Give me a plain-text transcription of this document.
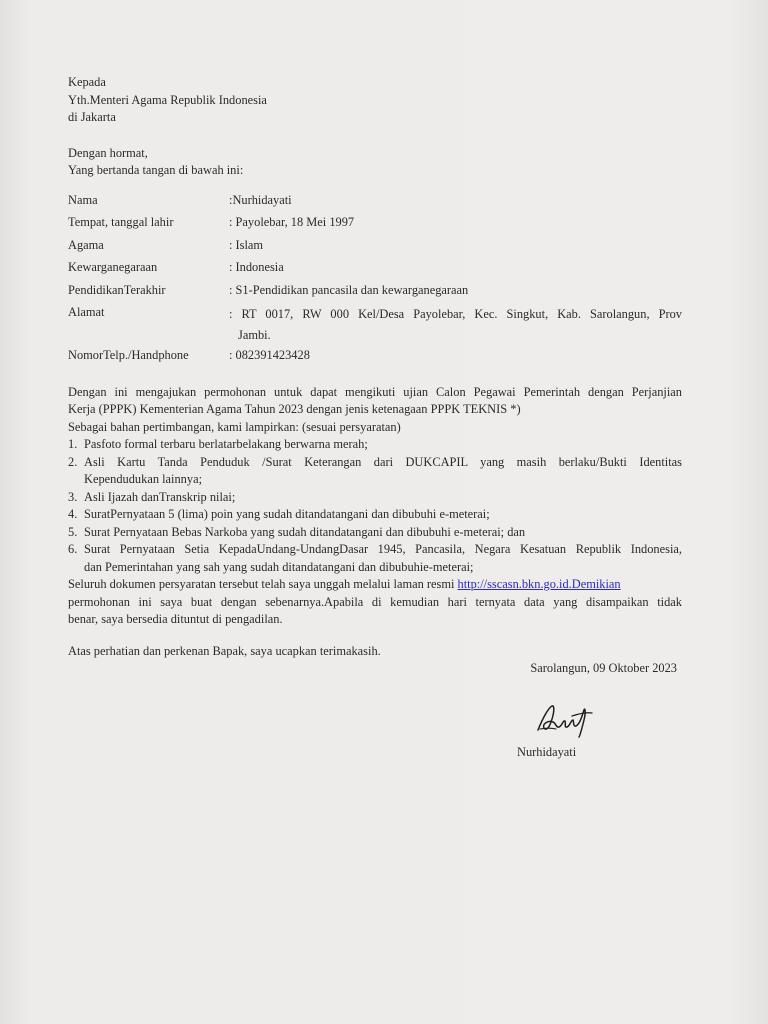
Kepada
Yth.Menteri Agama Republik Indonesia
di Jakarta
Dengan hormat,
Yang bertanda tangan di bawah ini:
Nama	:Nurhidayati
Tempat, tanggal lahir	: Payolebar, 18 Mei 1997
Agama	: Islam
Kewarganegaraan	: Indonesia
PendidikanTerakhir	: S1-Pendidikan pancasila dan kewarganegaraan
Alamat	: RT 0017, RW 000 Kel/Desa Payolebar, Kec. Singkut, Kab. Sarolangun, Prov
Jambi.
NomorTelp./Handphone	: 082391423428
Dengan ini mengajukan permohonan untuk dapat mengikuti ujian Calon Pegawai Pemerintah dengan Perjanjian
Kerja (PPPK) Kementerian Agama Tahun 2023 dengan jenis ketenagaan PPPK TEKNIS *)
Sebagai bahan pertimbangan, kami lampirkan: (sesuai persyaratan)
1. Pasfoto formal terbaru berlatarbelakang berwarna merah;
2. Asli Kartu Tanda Penduduk /Surat Keterangan dari DUKCAPIL yang masih berlaku/Bukti Identitas
Kependudukan lainnya;
3. Asli Ijazah danTranskrip nilai;
4. SuratPernyataan 5 (lima) poin yang sudah ditandatangani dan dibubuhi e-meterai;
5. Surat Pernyataan Bebas Narkoba yang sudah ditandatangani dan dibubuhi e-meterai; dan
6. Surat Pernyataan Setia KepadaUndang-UndangDasar 1945, Pancasila, Negara Kesatuan Republik Indonesia,
dan Pemerintahan yang sah yang sudah ditandatangani dan dibubuhie-meterai;
Seluruh dokumen persyaratan tersebut telah saya unggah melalui laman resmi http://sscasn.bkn.go.id.Demikian
permohonan ini saya buat dengan sebenarnya.Apabila di kemudian hari ternyata data yang disampaikan tidak
benar, saya bersedia dituntut di pengadilan.
Atas perhatian dan perkenan Bapak, saya ucapkan terimakasih.
Sarolangun, 09 Oktober 2023
Nurhidayati
